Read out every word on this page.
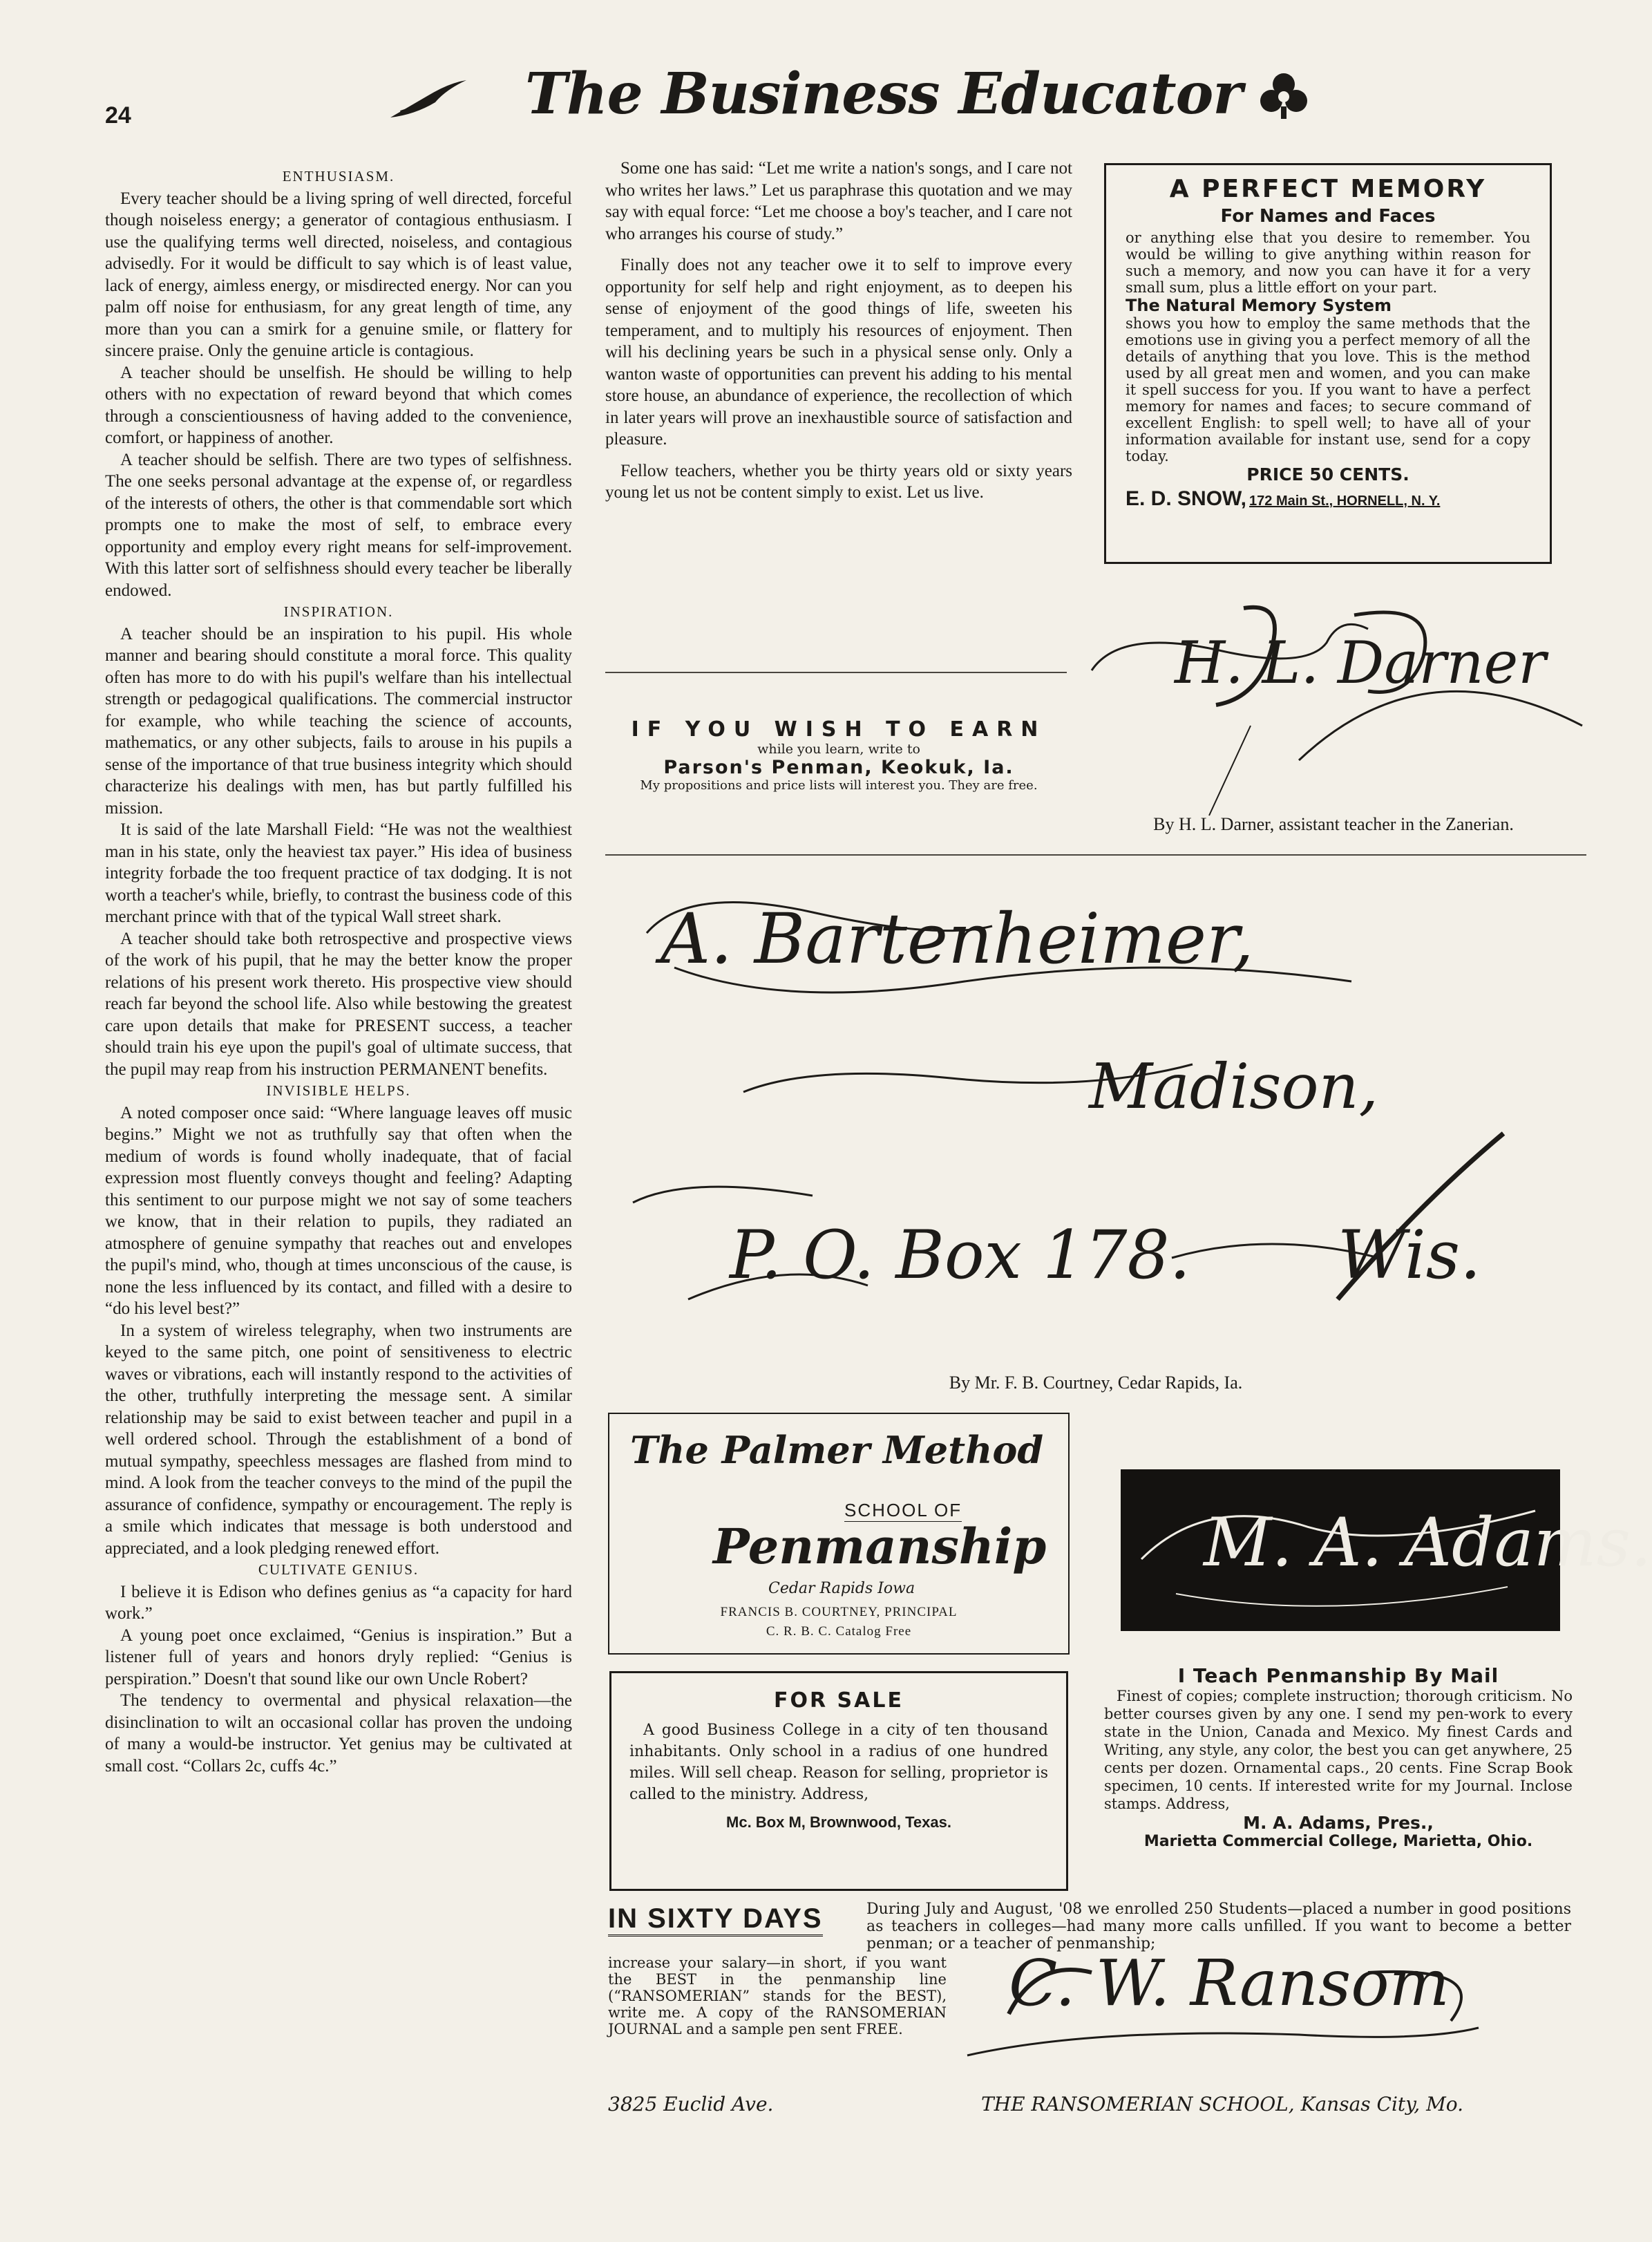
24	The Business Educator

ENTHUSIASM.

Every teacher should be a living spring of well directed, forceful though noiseless energy; a generator of contagious enthusiasm. I use the qualifying terms well directed, noiseless, and contagious advisedly. For it would be difficult to say which is of least value, lack of energy, aimless energy, or misdirected energy. Nor can you palm off noise for enthusiasm, for any great length of time, any more than you can a smirk for a genuine smile, or flattery for sincere praise. Only the genuine article is contagious.

A teacher should be unselfish. He should be willing to help others with no expectation of reward beyond that which comes through a conscientiousness of having added to the convenience, comfort, or happiness of another.

A teacher should be selfish. There are two types of selfishness. The one seeks personal advantage at the expense of, or regardless of the interests of others, the other is that commendable sort which prompts one to make the most of self, to embrace every opportunity and employ every right means for self-improvement. With this latter sort of selfishness should every teacher be liberally endowed.

INSPIRATION.

A teacher should be an inspiration to his pupil. His whole manner and bearing should constitute a moral force. This quality often has more to do with his pupil's welfare than his intellectual strength or pedagogical qualifications. The commercial instructor for example, who while teaching the science of accounts, mathematics, or any other subjects, fails to arouse in his pupils a sense of the importance of that true business integrity which should characterize his dealings with men, has but partly fulfilled his mission.

It is said of the late Marshall Field: “He was not the wealthiest man in his state, only the heaviest tax payer.” His idea of business integrity forbade the too frequent practice of tax dodging. It is not worth a teacher's while, briefly, to contrast the business code of this merchant prince with that of the typical Wall street shark.

A teacher should take both retrospective and prospective views of the work of his pupil, that he may the better know the proper relations of his present work thereto. His prospective view should reach far beyond the school life. Also while bestowing the greatest care upon details that make for PRESENT success, a teacher should train his eye upon the pupil's goal of ultimate success, that the pupil may reap from his instruction PERMANENT benefits.

INVISIBLE HELPS.

A noted composer once said: “Where language leaves off music begins.” Might we not as truthfully say that often when the medium of words is found wholly inadequate, that of facial expression most fluently conveys thought and feeling? Adapting this sentiment to our purpose might we not say of some teachers we know, that in their relation to pupils, they radiated an atmosphere of genuine sympathy that reaches out and envelopes the pupil's mind, who, though at times unconscious of the cause, is none the less influenced by its contact, and filled with a desire to “do his level best?”

In a system of wireless telegraphy, when two instruments are keyed to the same pitch, one point of sensitiveness to electric waves or vibrations, each will instantly respond to the activities of the other, truthfully interpreting the message sent. A similar relationship may be said to exist between teacher and pupil in a well ordered school. Through the establishment of a bond of mutual sympathy, speechless messages are flashed from mind to mind. A look from the teacher conveys to the mind of the pupil the assurance of confidence, sympathy or encouragement. The reply is a smile which indicates that message is both understood and appreciated, and a look pledging renewed effort.

CULTIVATE GENIUS.

I believe it is Edison who defines genius as “a capacity for hard work.”

A young poet once exclaimed, “Genius is inspiration.” But a listener full of years and honors dryly replied: “Genius is perspiration.” Doesn't that sound like our own Uncle Robert?

The tendency to overmental and physical relaxation—the disinclination to wilt an occasional collar has proven the undoing of many a would-be instructor. Yet genius may be cultivated at small cost. “Collars 2c, cuffs 4c.”

Some one has said: “Let me write a nation's songs, and I care not who writes her laws.” Let us paraphrase this quotation and we may say with equal force: “Let me choose a boy's teacher, and I care not who arranges his course of study.”

Finally does not any teacher owe it to self to improve every opportunity for self help and right enjoyment, as to deepen his sense of enjoyment of the good things of life, sweeten his temperament, and to multiply his resources of enjoyment. Then will his declining years be such in a physical sense only. Only a wanton waste of opportunities can prevent his adding to his mental store house, an abundance of experience, the recollection of which in later years will prove an inexhaustible source of satisfaction and pleasure.

Fellow teachers, whether you be thirty years old or sixty years young let us not be content simply to exist. Let us live.

A PERFECT MEMORY
For Names and Faces
or anything else that you desire to remember. You would be willing to give anything within reason for such a memory, and now you can have it for a very small sum, plus a little effort on your part.
The Natural Memory System
shows you how to employ the same methods that the emotions use in giving you a perfect memory of all the details of anything that you love. This is the method used by all great men and women, and you can make it spell success for you. If you want to have a perfect memory for names and faces; to secure command of excellent English: to spell well; to have all of your information available for instant use, send for a copy today.
PRICE 50 CENTS.
E. D. SNOW, 172 Main St., HORNELL, N. Y.
IF YOU WISH TO EARN
while you learn, write to
Parson's Penman, Keokuk, Ia.
My propositions and price lists will interest you. They are free.
H. L. Darner
By H. L. Darner, assistant teacher in the Zanerian.
A. Bartenheimer,
Madison,
P. O. Box 178. Wis.
By Mr. F. B. Courtney, Cedar Rapids, Ia.
The Palmer Method
SCHOOL OF
Penmanship
Cedar Rapids Iowa
FRANCIS B. COURTNEY, PRINCIPAL
C. R. B. C. Catalog Free
M. A. Adams.
FOR SALE
A good Business College in a city of ten thousand inhabitants. Only school in a radius of one hundred miles. Will sell cheap. Reason for selling, proprietor is called to the ministry. Address,
Mc. Box M, Brownwood, Texas.
I Teach Penmanship By Mail
Finest of copies; complete instruction; thorough criticism. No better courses given by any one. I send my pen-work to every state in the Union, Canada and Mexico. My finest Cards and Writing, any style, any color, the best you can get anywhere, 25 cents per dozen. Ornamental caps., 20 cents. Fine Scrap Book specimen, 10 cents. If interested write for my Journal. Inclose stamps. Address,
M. A. Adams, Pres.,
Marietta Commercial College, Marietta, Ohio.
IN SIXTY DAYS	During July and August, '08 we enrolled 250 Students—placed a number in good positions as teachers in colleges—had many more calls unfilled. If you want to become a better penman; or a teacher of penmanship;
increase your salary—in short, if you want the BEST in the penmanship line (“RANSOMERIAN” stands for the BEST), write me. A copy of the RANSOMERIAN JOURNAL and a sample pen sent FREE.
C. W. Ransom
3825 Euclid Ave.	THE RANSOMERIAN SCHOOL, Kansas City, Mo.
